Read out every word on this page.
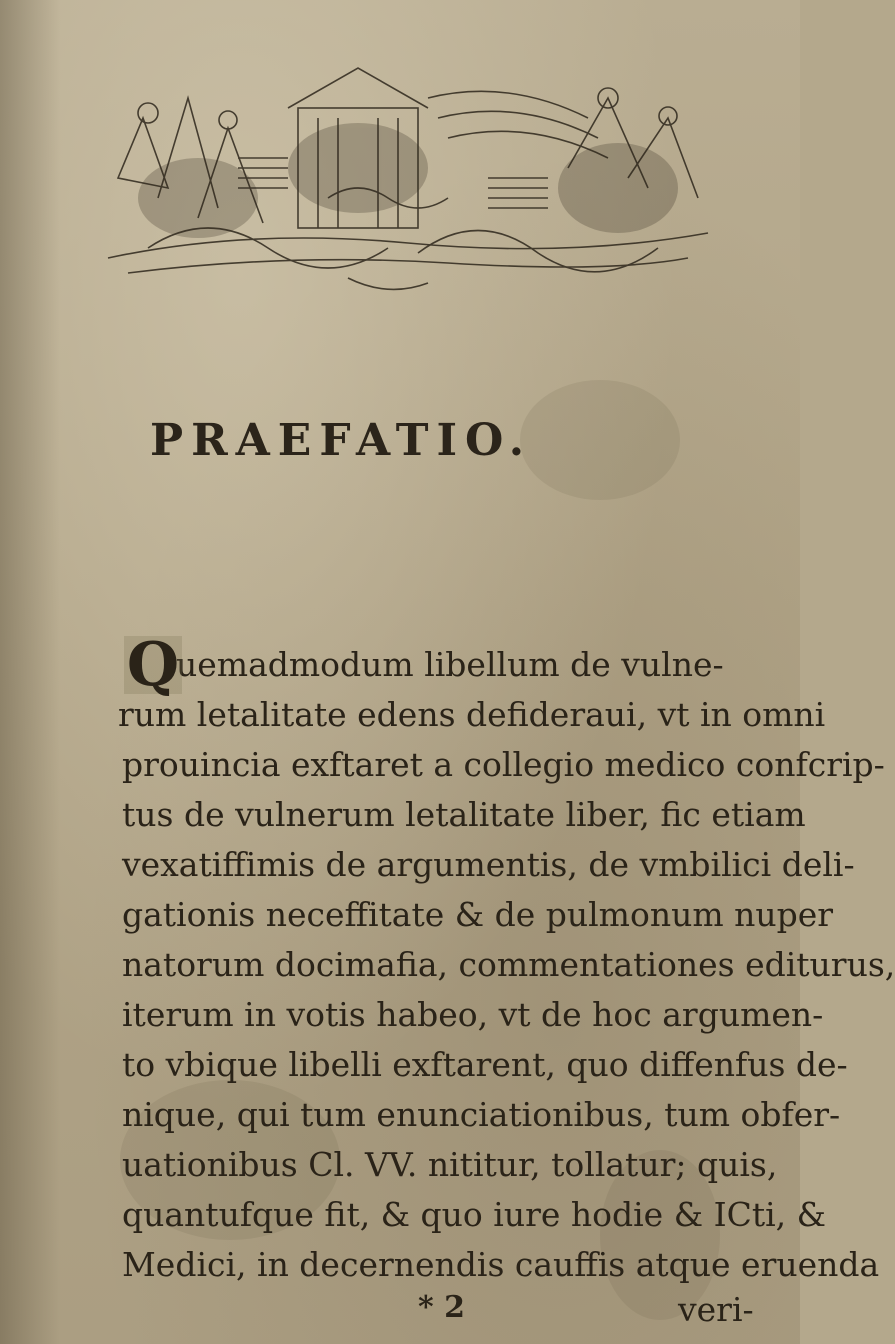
PRAEFATIO.
Q
uemadmodum libellum de vulne-
rum letalitate edens defideraui, vt in omni
prouincia exftaret a collegio medico confcrip-
tus de vulnerum letalitate liber, fic etiam
vexatiffimis de argumentis, de vmbilici deli-
gationis neceffitate & de pulmonum nuper
natorum docimafia, commentationes editurus,
iterum in votis habeo, vt de hoc argumen-
to vbique libelli exftarent, quo diffenfus de-
nique, qui tum enunciationibus, tum obfer-
uationibus Cl. VV. nititur, tollatur; quis,
quantufque fit, & quo iure hodie & ICti, &
Medici, in decernendis cauffis atque eruenda
* 2	veri-
